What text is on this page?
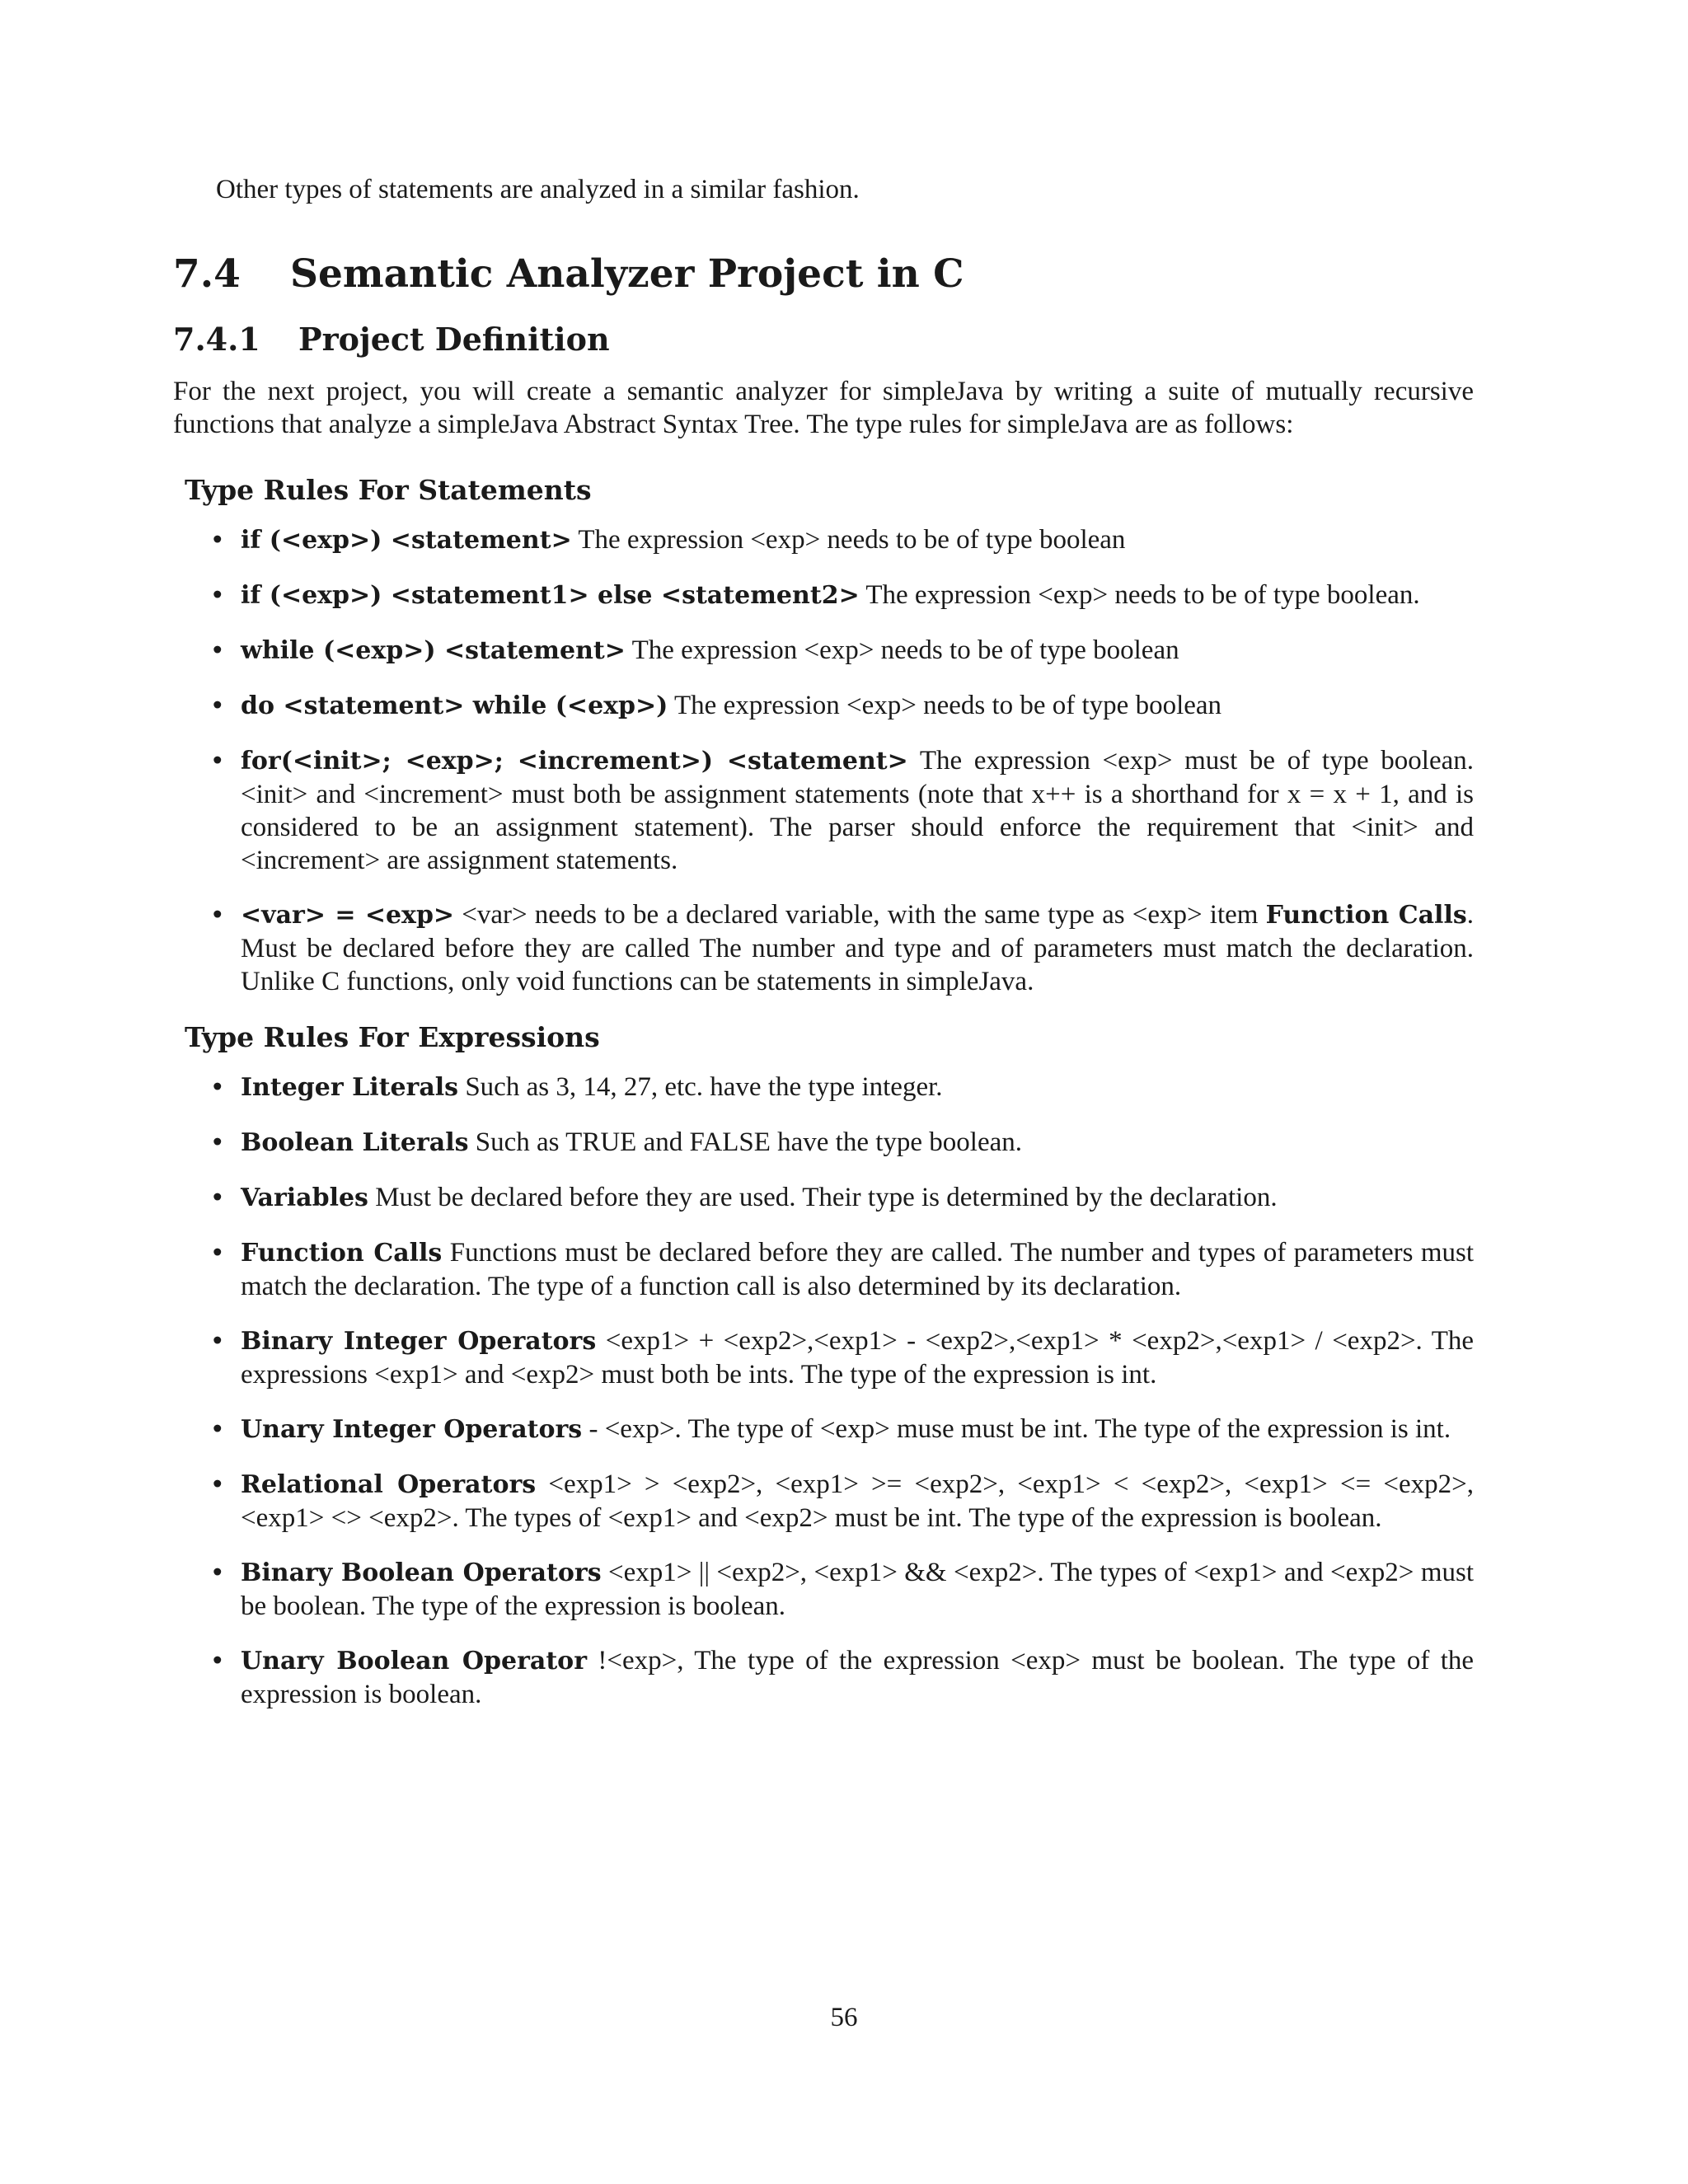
Other types of statements are analyzed in a similar fashion.

7.4	Semantic Analyzer Project in C
7.4.1	Project Definition

For the next project, you will create a semantic analyzer for simpleJava by writing a suite of mutually recursive functions that analyze a simpleJava Abstract Syntax Tree. The type rules for simpleJava are as follows:

Type Rules For Statements
• if (<exp>) <statement> The expression <exp> needs to be of type boolean
• if (<exp>) <statement1> else <statement2> The expression <exp> needs to be of type boolean.
• while (<exp>) <statement> The expression <exp> needs to be of type boolean
• do <statement> while (<exp>) The expression <exp> needs to be of type boolean
• for(<init>; <exp>; <increment>) <statement> The expression <exp> must be of type boolean. <init> and <increment> must both be assignment statements (note that x++ is a shorthand for x = x + 1, and is considered to be an assignment statement). The parser should enforce the requirement that <init> and <increment> are assignment statements.
• <var> = <exp> <var> needs to be a declared variable, with the same type as <exp> item Function Calls. Must be declared before they are called The number and type and of parameters must match the declaration. Unlike C functions, only void functions can be statements in simpleJava.
Type Rules For Expressions
• Integer Literals Such as 3, 14, 27, etc. have the type integer.
• Boolean Literals Such as TRUE and FALSE have the type boolean.
• Variables Must be declared before they are used. Their type is determined by the declaration.
• Function Calls Functions must be declared before they are called. The number and types of parameters must match the declaration. The type of a function call is also determined by its declaration.
• Binary Integer Operators <exp1> + <exp2>,<exp1> - <exp2>,<exp1> * <exp2>,<exp1> / <exp2>. The expressions <exp1> and <exp2> must both be ints. The type of the expression is int.
• Unary Integer Operators - <exp>. The type of <exp> muse must be int. The type of the expression is int.
• Relational Operators <exp1> > <exp2>, <exp1> >= <exp2>, <exp1> < <exp2>, <exp1> <= <exp2>, <exp1> <> <exp2>. The types of <exp1> and <exp2> must be int. The type of the expression is boolean.
• Binary Boolean Operators <exp1> || <exp2>, <exp1> && <exp2>. The types of <exp1> and <exp2> must be boolean. The type of the expression is boolean.
• Unary Boolean Operator !<exp>, The type of the expression <exp> must be boolean. The type of the expression is boolean.
56
